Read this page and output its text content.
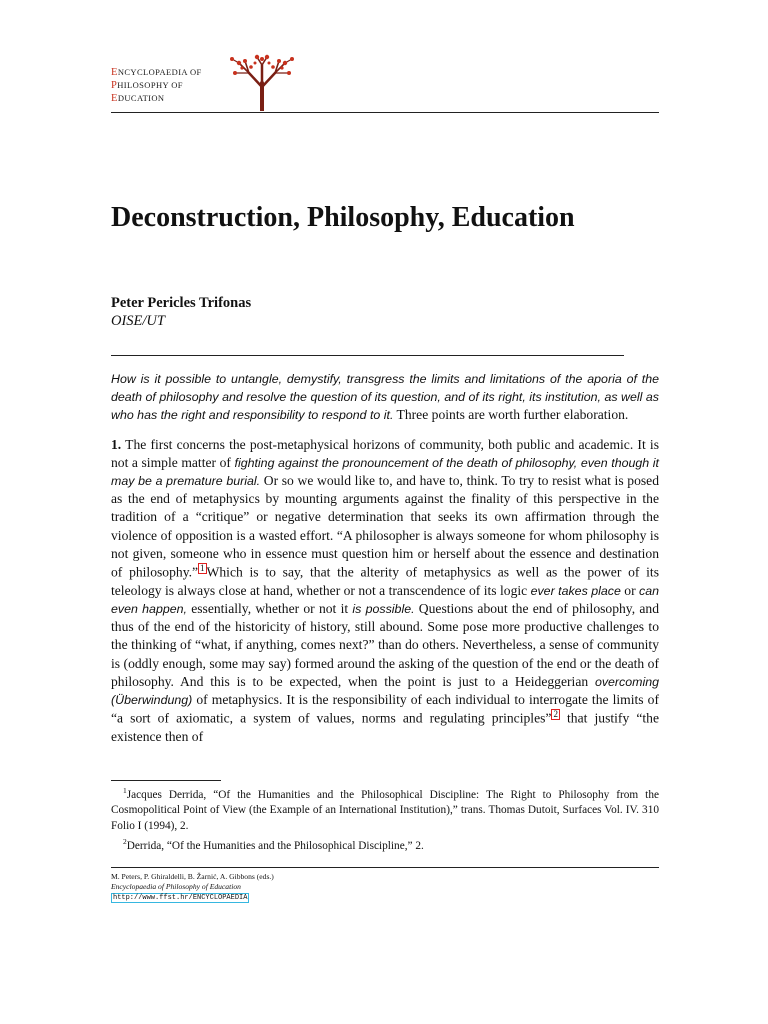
ENCYCLOPAEDIA OF
PHILOSOPHY OF
EDUCATION
Deconstruction, Philosophy, Education
Peter Pericles Trifonas
OISE/UT

How is it possible to untangle, demystify, transgress the limits and limitations of the aporia of the death of philosophy and resolve the question of its question, and of its right, its institution, as well as who has the right and responsibility to respond to it. Three points are worth further elaboration.

1. The first concerns the post-metaphysical horizons of community, both public and academic. It is not a simple matter of fighting against the pronouncement of the death of philosophy, even though it may be a premature burial. Or so we would like to, and have to, think. To try to resist what is posed as the end of metaphysics by mounting arguments against the finality of this perspective in the tradition of a “critique” or negative determination that seeks its own affirmation through the violence of opposition is a wasted effort. “A philosopher is always someone for whom philosophy is not given, someone who in essence must question him or herself about the essence and destination of philosophy.” 1 Which is to say, that the alterity of metaphysics as well as the power of its teleology is always close at hand, whether or not a transcendence of its logic ever takes place or can even happen, essentially, whether or not it is possible. Questions about the end of philosophy, and thus of the end of the historicity of history, still abound. Some pose more productive challenges to the thinking of “what, if anything, comes next?” than do others. Nevertheless, a sense of community is (oddly enough, some may say) formed around the asking of the question of the end or the death of philosophy. And this is to be expected, when the point is just to a Heideggerian overcoming (Überwindung) of metaphysics. It is the responsibility of each individual to interrogate the limits of “a sort of axiomatic, a system of values, norms and regulating principles” 2 that justify “the existence then of

$^1$Jacques Derrida, “Of the Humanities and the Philosophical Discipline: The Right to Philosophy from the Cosmopolitical Point of View (the Example of an International Institution),” trans. Thomas Dutoit, Surfaces Vol. IV. 310 Folio I (1994), 2.

$^2$Derrida, “Of the Humanities and the Philosophical Discipline,” 2.

M. Peters, P. Ghiraldelli, B. Žarnić, A. Gibbons (eds.)
Encyclopaedia of Philosophy of Education
http://www.ffst.hr/ENCYCLOPAEDIA
